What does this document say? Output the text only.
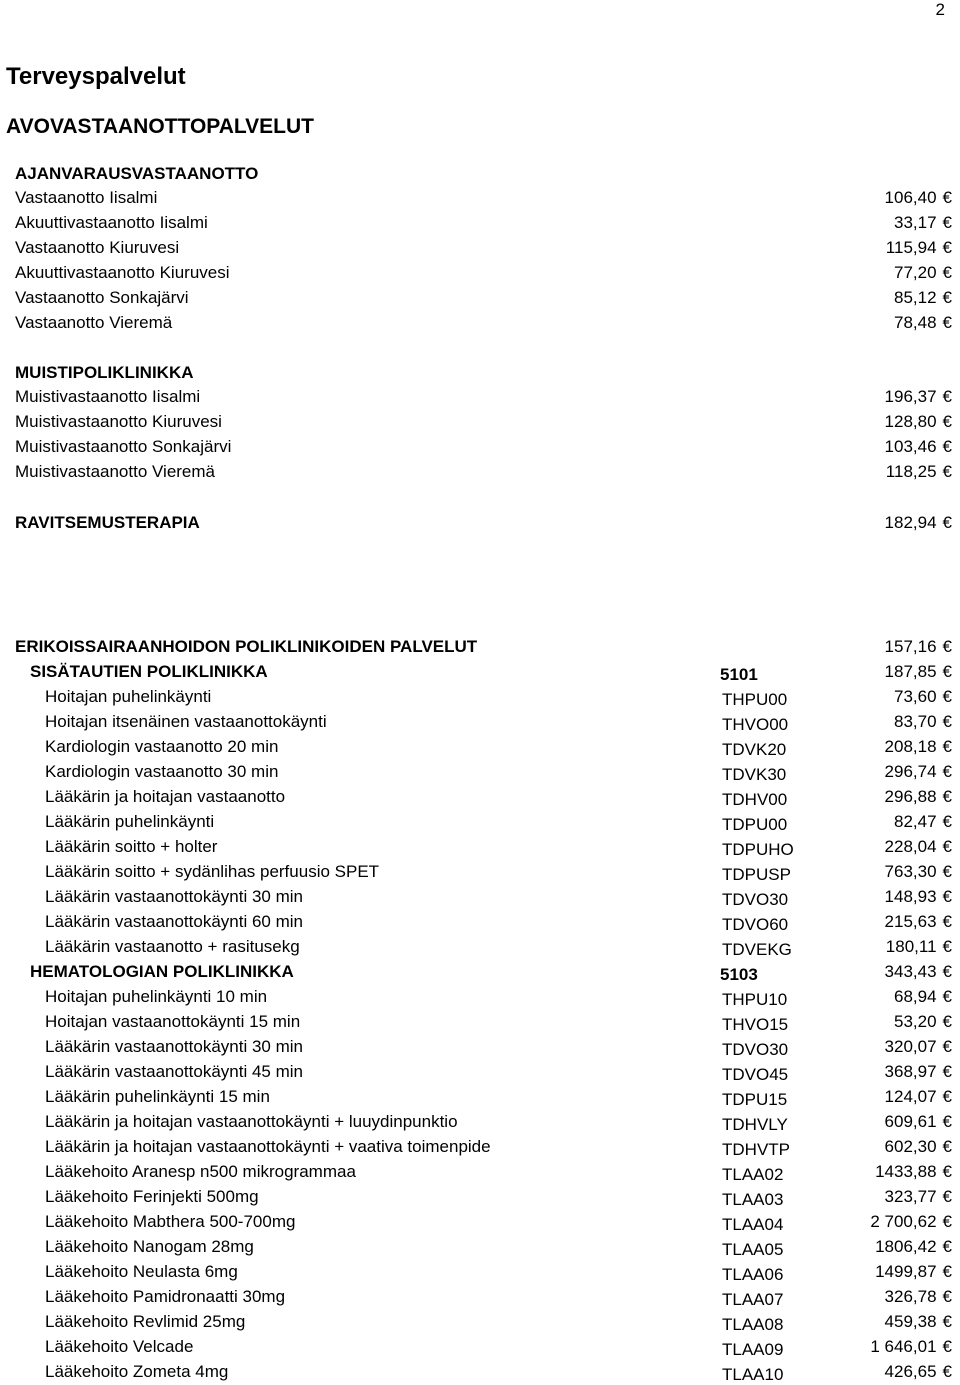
2
Terveyspalvelut
AVOVASTAANOTTOPALVELUT
AJANVARAUSVASTAANOTTO
Vastaanotto Iisalmi	106,40 €
Akuuttivastaanotto Iisalmi	33,17 €
Vastaanotto Kiuruvesi	115,94 €
Akuuttivastaanotto Kiuruvesi	77,20 €
Vastaanotto Sonkajärvi	85,12 €
Vastaanotto Vieremä	78,48 €
MUISTIPOLIKLINIKKA
Muistivastaanotto Iisalmi	196,37 €
Muistivastaanotto Kiuruvesi	128,80 €
Muistivastaanotto Sonkajärvi	103,46 €
Muistivastaanotto Vieremä	118,25 €
RAVITSEMUSTERAPIA	182,94 €
ERIKOISSAIRAANHOIDON POLIKLINIKOIDEN PALVELUT	157,16 €
SISÄTAUTIEN POLIKLINIKKA	5101	187,85 €
Hoitajan puhelinkäynti	THPU00	73,60 €
Hoitajan itsenäinen vastaanottokäynti	THVO00	83,70 €
Kardiologin vastaanotto 20 min	TDVK20	208,18 €
Kardiologin vastaanotto 30 min	TDVK30	296,74 €
Lääkärin ja hoitajan vastaanotto	TDHV00	296,88 €
Lääkärin puhelinkäynti	TDPU00	82,47 €
Lääkärin soitto + holter	TDPUHO	228,04 €
Lääkärin soitto + sydänlihas perfuusio SPET	TDPUSP	763,30 €
Lääkärin vastaanottokäynti 30 min	TDVO30	148,93 €
Lääkärin vastaanottokäynti 60 min	TDVO60	215,63 €
Lääkärin vastaanotto + rasitusekg	TDVEKG	180,11 €
HEMATOLOGIAN POLIKLINIKKA	5103	343,43 €
Hoitajan puhelinkäynti 10 min	THPU10	68,94 €
Hoitajan vastaanottokäynti 15 min	THVO15	53,20 €
Lääkärin vastaanottokäynti 30 min	TDVO30	320,07 €
Lääkärin vastaanottokäynti 45 min	TDVO45	368,97 €
Lääkärin puhelinkäynti 15 min	TDPU15	124,07 €
Lääkärin ja hoitajan vastaanottokäynti + luuydinpunktio	TDHVLY	609,61 €
Lääkärin ja hoitajan vastaanottokäynti + vaativa toimenpide	TDHVTP	602,30 €
Lääkehoito Aranesp n500 mikrogrammaa	TLAA02	1433,88 €
Lääkehoito Ferinjekti 500mg	TLAA03	323,77 €
Lääkehoito Mabthera 500-700mg	TLAA04	2 700,62 €
Lääkehoito Nanogam 28mg	TLAA05	1806,42 €
Lääkehoito Neulasta 6mg	TLAA06	1499,87 €
Lääkehoito Pamidronaatti 30mg	TLAA07	326,78 €
Lääkehoito Revlimid 25mg	TLAA08	459,38 €
Lääkehoito Velcade	TLAA09	1 646,01 €
Lääkehoito Zometa 4mg	TLAA10	426,65 €
